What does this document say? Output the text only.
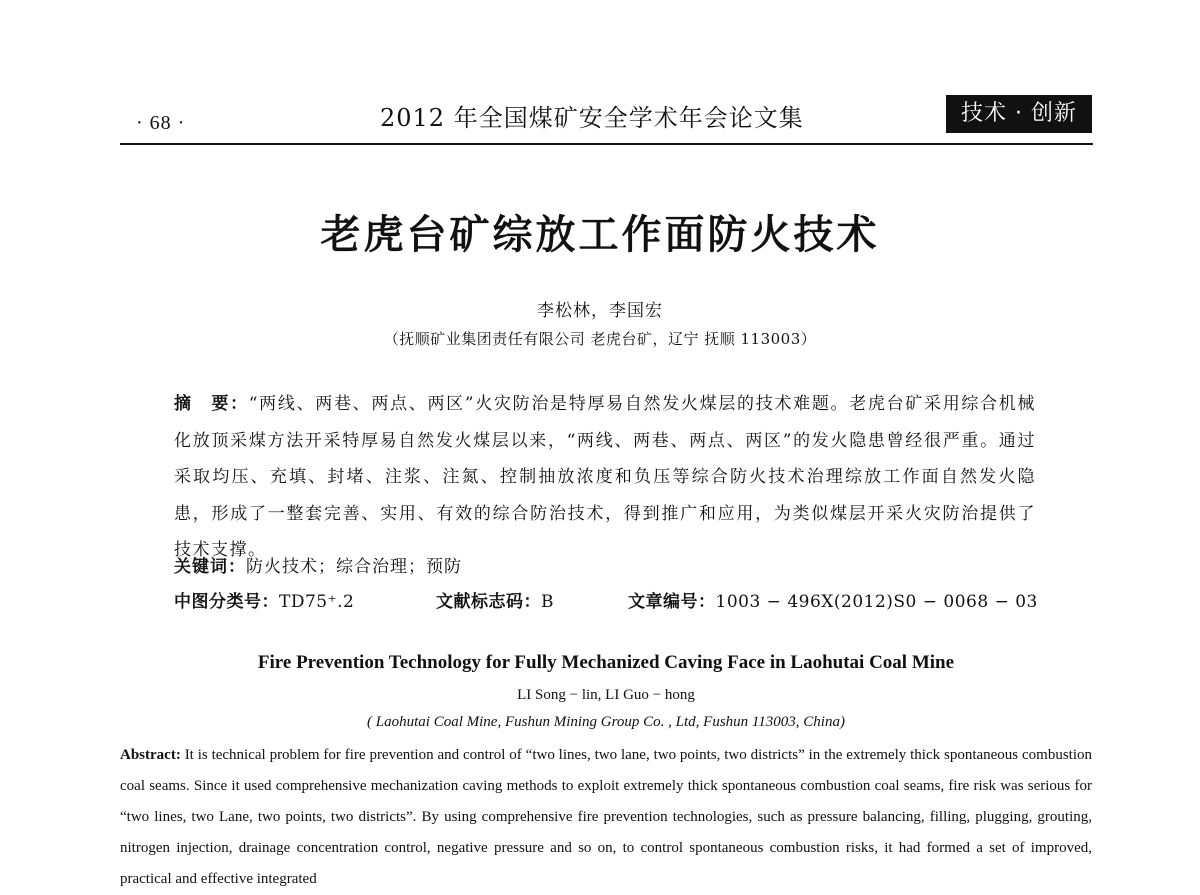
· 68 ·	2012 年全国煤矿安全学术年会论文集	技术 · 创新
老虎台矿综放工作面防火技术
李松林，李国宏
（抚顺矿业集团责任有限公司 老虎台矿，辽宁 抚顺 113003）
摘　要：“两线、两巷、两点、两区”火灾防治是特厚易自然发火煤层的技术难题。老虎台矿采用综合机械化放顶采煤方法开采特厚易自然发火煤层以来，“两线、两巷、两点、两区”的发火隐患曾经很严重。通过采取均压、充填、封堵、注浆、注氮、控制抽放浓度和负压等综合防火技术治理综放工作面自然发火隐患，形成了一整套完善、实用、有效的综合防治技术，得到推广和应用，为类似煤层开采火灾防治提供了技术支撑。
关键词：防火技术；综合治理；预防
中图分类号：TD75⁺.2	文献标志码：B	文章编号：1003 − 496X(2012)S0 − 0068 − 03
Fire Prevention Technology for Fully Mechanized Caving Face in Laohutai Coal Mine
LI Song − lin, LI Guo − hong
( Laohutai Coal Mine, Fushun Mining Group Co. , Ltd, Fushun 113003, China)
Abstract: It is technical problem for fire prevention and control of “two lines, two lane, two points, two districts” in the extremely thick spontaneous combustion coal seams. Since it used comprehensive mechanization caving methods to exploit extremely thick spontaneous combustion coal seams, fire risk was serious for “two lines, two Lane, two points, two districts”. By using comprehensive fire prevention technologies, such as pressure balancing, filling, plugging, grouting, nitrogen injection, drainage concentration control, negative pressure and so on, to control spontaneous combustion risks, it had formed a set of improved, practical and effective integrated
